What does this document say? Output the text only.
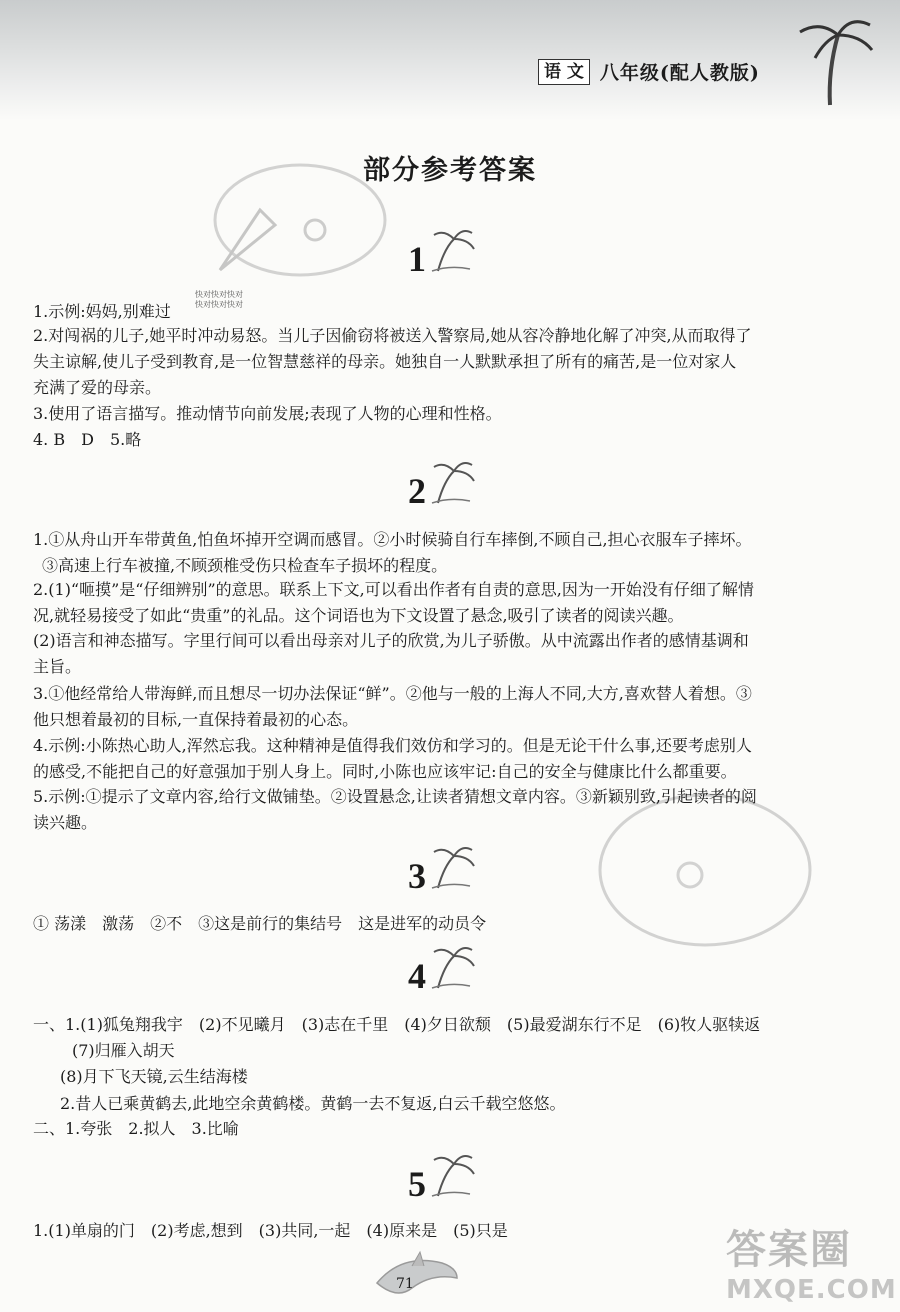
语 文 八年级(配人教版)
快对快对快对
快对快对快对
部分参考答案
1
2
3
4
5
1.示例:妈妈,别难过
2.对闯祸的儿子,她平时冲动易怒。当儿子因偷窃将被送入警察局,她从容冷静地化解了冲突,从而取得了
失主谅解,使儿子受到教育,是一位智慧慈祥的母亲。她独自一人默默承担了所有的痛苦,是一位对家人
充满了爱的母亲。
3.使用了语言描写。推动情节向前发展;表现了人物的心理和性格。
4. B　D　5.略
1.①从舟山开车带黄鱼,怕鱼坏掉开空调而感冒。②小时候骑自行车摔倒,不顾自己,担心衣服车子摔坏。
③高速上行车被撞,不顾颈椎受伤只检查车子损坏的程度。
2.(1)“咂摸”是“仔细辨别”的意思。联系上下文,可以看出作者有自责的意思,因为一开始没有仔细了解情
况,就轻易接受了如此“贵重”的礼品。这个词语也为下文设置了悬念,吸引了读者的阅读兴趣。
(2)语言和神态描写。字里行间可以看出母亲对儿子的欣赏,为儿子骄傲。从中流露出作者的感情基调和
主旨。
3.①他经常给人带海鲜,而且想尽一切办法保证“鲜”。②他与一般的上海人不同,大方,喜欢替人着想。③
他只想着最初的目标,一直保持着最初的心态。
4.示例:小陈热心助人,浑然忘我。这种精神是值得我们效仿和学习的。但是无论干什么事,还要考虑别人
的感受,不能把自己的好意强加于别人身上。同时,小陈也应该牢记:自己的安全与健康比什么都重要。
5.示例:①提示了文章内容,给行文做铺垫。②设置悬念,让读者猜想文章内容。③新颖别致,引起读者的阅
读兴趣。
① 荡漾　激荡　②不　③这是前行的集结号　这是进军的动员令
一、1.(1)狐兔翔我宇　(2)不见曦月　(3)志在千里　(4)夕日欲颓　(5)最爱湖东行不足　(6)牧人驱犊返
(7)归雁入胡天
(8)月下飞天镜,云生结海楼
2.昔人已乘黄鹤去,此地空余黄鹤楼。黄鹤一去不复返,白云千载空悠悠。
二、1.夸张　2.拟人　3.比喻
1.(1)单扇的门　(2)考虑,想到　(3)共同,一起　(4)原来是　(5)只是
71
答案圈
MXQE.COM
